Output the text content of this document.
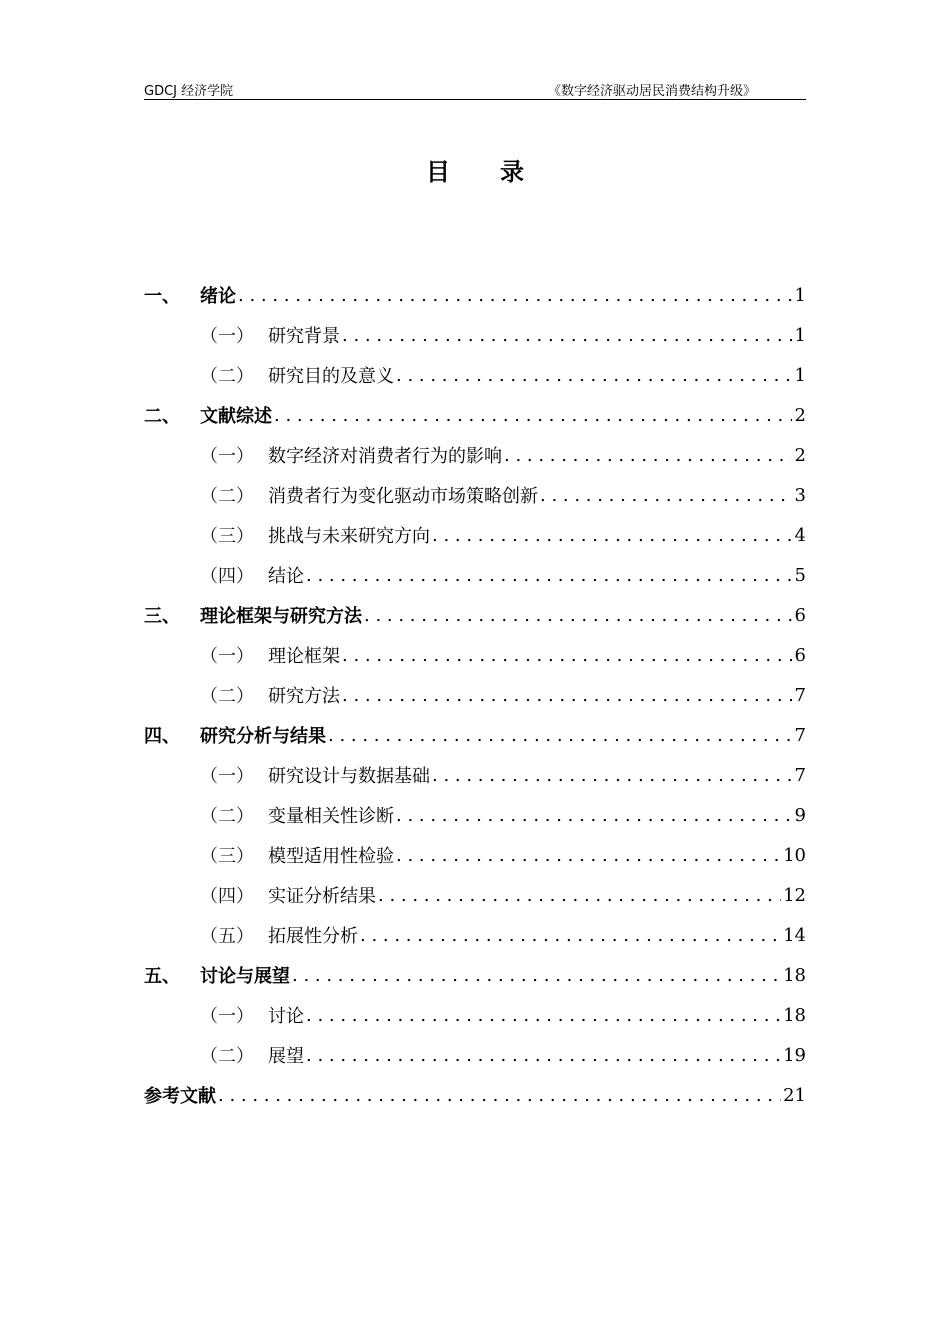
GDCJ 经济学院	《数字经济驱动居民消费结构升级》
目录
一、	绪论 . . .	1
（一） 研究背景 . . .	1
（二） 研究目的及意义 . . .	1
二、	文献综述 . . .	2
（一） 数字经济对消费者行为的影响 . . .	2
（二） 消费者行为变化驱动市场策略创新 . . .	3
（三） 挑战与未来研究方向 . . .	4
（四） 结论 . . .	5
三、	理论框架与研究方法 . . .	6
（一） 理论框架 . . .	6
（二） 研究方法 . . .	7
四、	研究分析与结果 . . .	7
（一） 研究设计与数据基础 . . .	7
（二） 变量相关性诊断 . . .	9
（三） 模型适用性检验 . . .	10
（四） 实证分析结果 . . .	12
（五） 拓展性分析 . . .	14
五、	讨论与展望 . . .	18
（一） 讨论 . . .	18
（二） 展望 . . .	19
参考文献 . . .	21
